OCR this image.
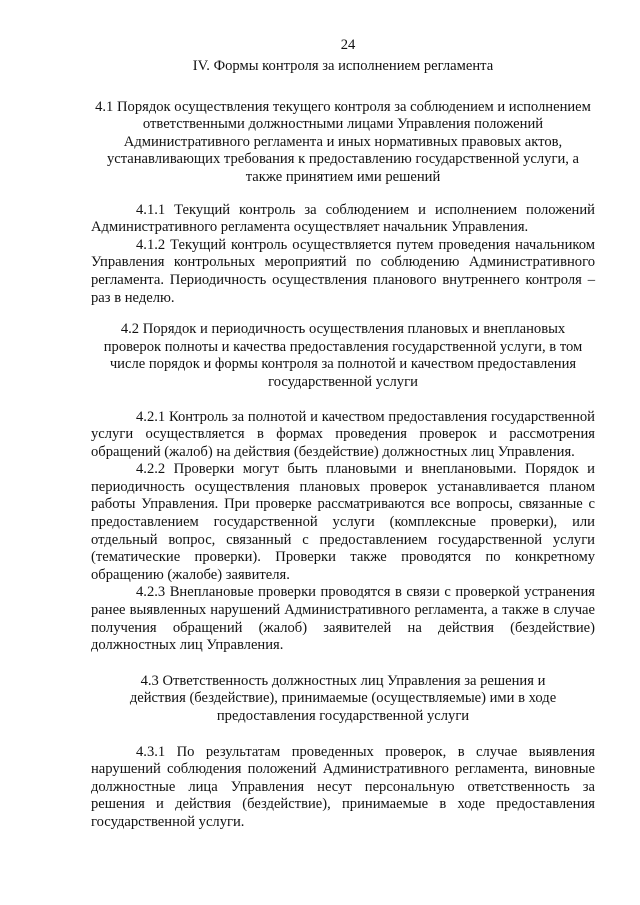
24
IV. Формы контроля за исполнением регламента
4.1 Порядок осуществления текущего контроля за соблюдением и исполнением ответственными должностными лицами Управления положений Административного регламента и иных нормативных правовых актов, устанавливающих требования к предоставлению государственной услуги, а также принятием ими решений

4.1.1 Текущий контроль за соблюдением и исполнением положений Административного регламента осуществляет начальник Управления.

4.1.2 Текущий контроль осуществляется путем проведения начальником Управления контрольных мероприятий по соблюдению Административного регламента. Периодичность осуществления планового внутреннего контроля – раз в неделю.

4.2 Порядок и периодичность осуществления плановых и внеплановых проверок полноты и качества предоставления государственной услуги, в том числе порядок и формы контроля за полнотой и качеством предоставления государственной услуги

4.2.1 Контроль за полнотой и качеством предоставления государственной услуги осуществляется в формах проведения проверок и рассмотрения обращений (жалоб) на действия (бездействие) должностных лиц Управления.

4.2.2 Проверки могут быть плановыми и внеплановыми. Порядок и периодичность осуществления плановых проверок устанавливается планом работы Управления. При проверке рассматриваются все вопросы, связанные с предоставлением государственной услуги (комплексные проверки), или отдельный вопрос, связанный с предоставлением государственной услуги (тематические проверки). Проверки также проводятся по конкретному обращению (жалобе) заявителя.

4.2.3 Внеплановые проверки проводятся в связи с проверкой устранения ранее выявленных нарушений Административного регламента, а также в случае получения обращений (жалоб) заявителей на действия (бездействие) должностных лиц Управления.

4.3 Ответственность должностных лиц Управления за решения и действия (бездействие), принимаемые (осуществляемые) ими в ходе предоставления государственной услуги

4.3.1 По результатам проведенных проверок, в случае выявления нарушений соблюдения положений Административного регламента, виновные должностные лица Управления несут персональную ответственность за решения и действия (бездействие), принимаемые в ходе предоставления государственной услуги.
